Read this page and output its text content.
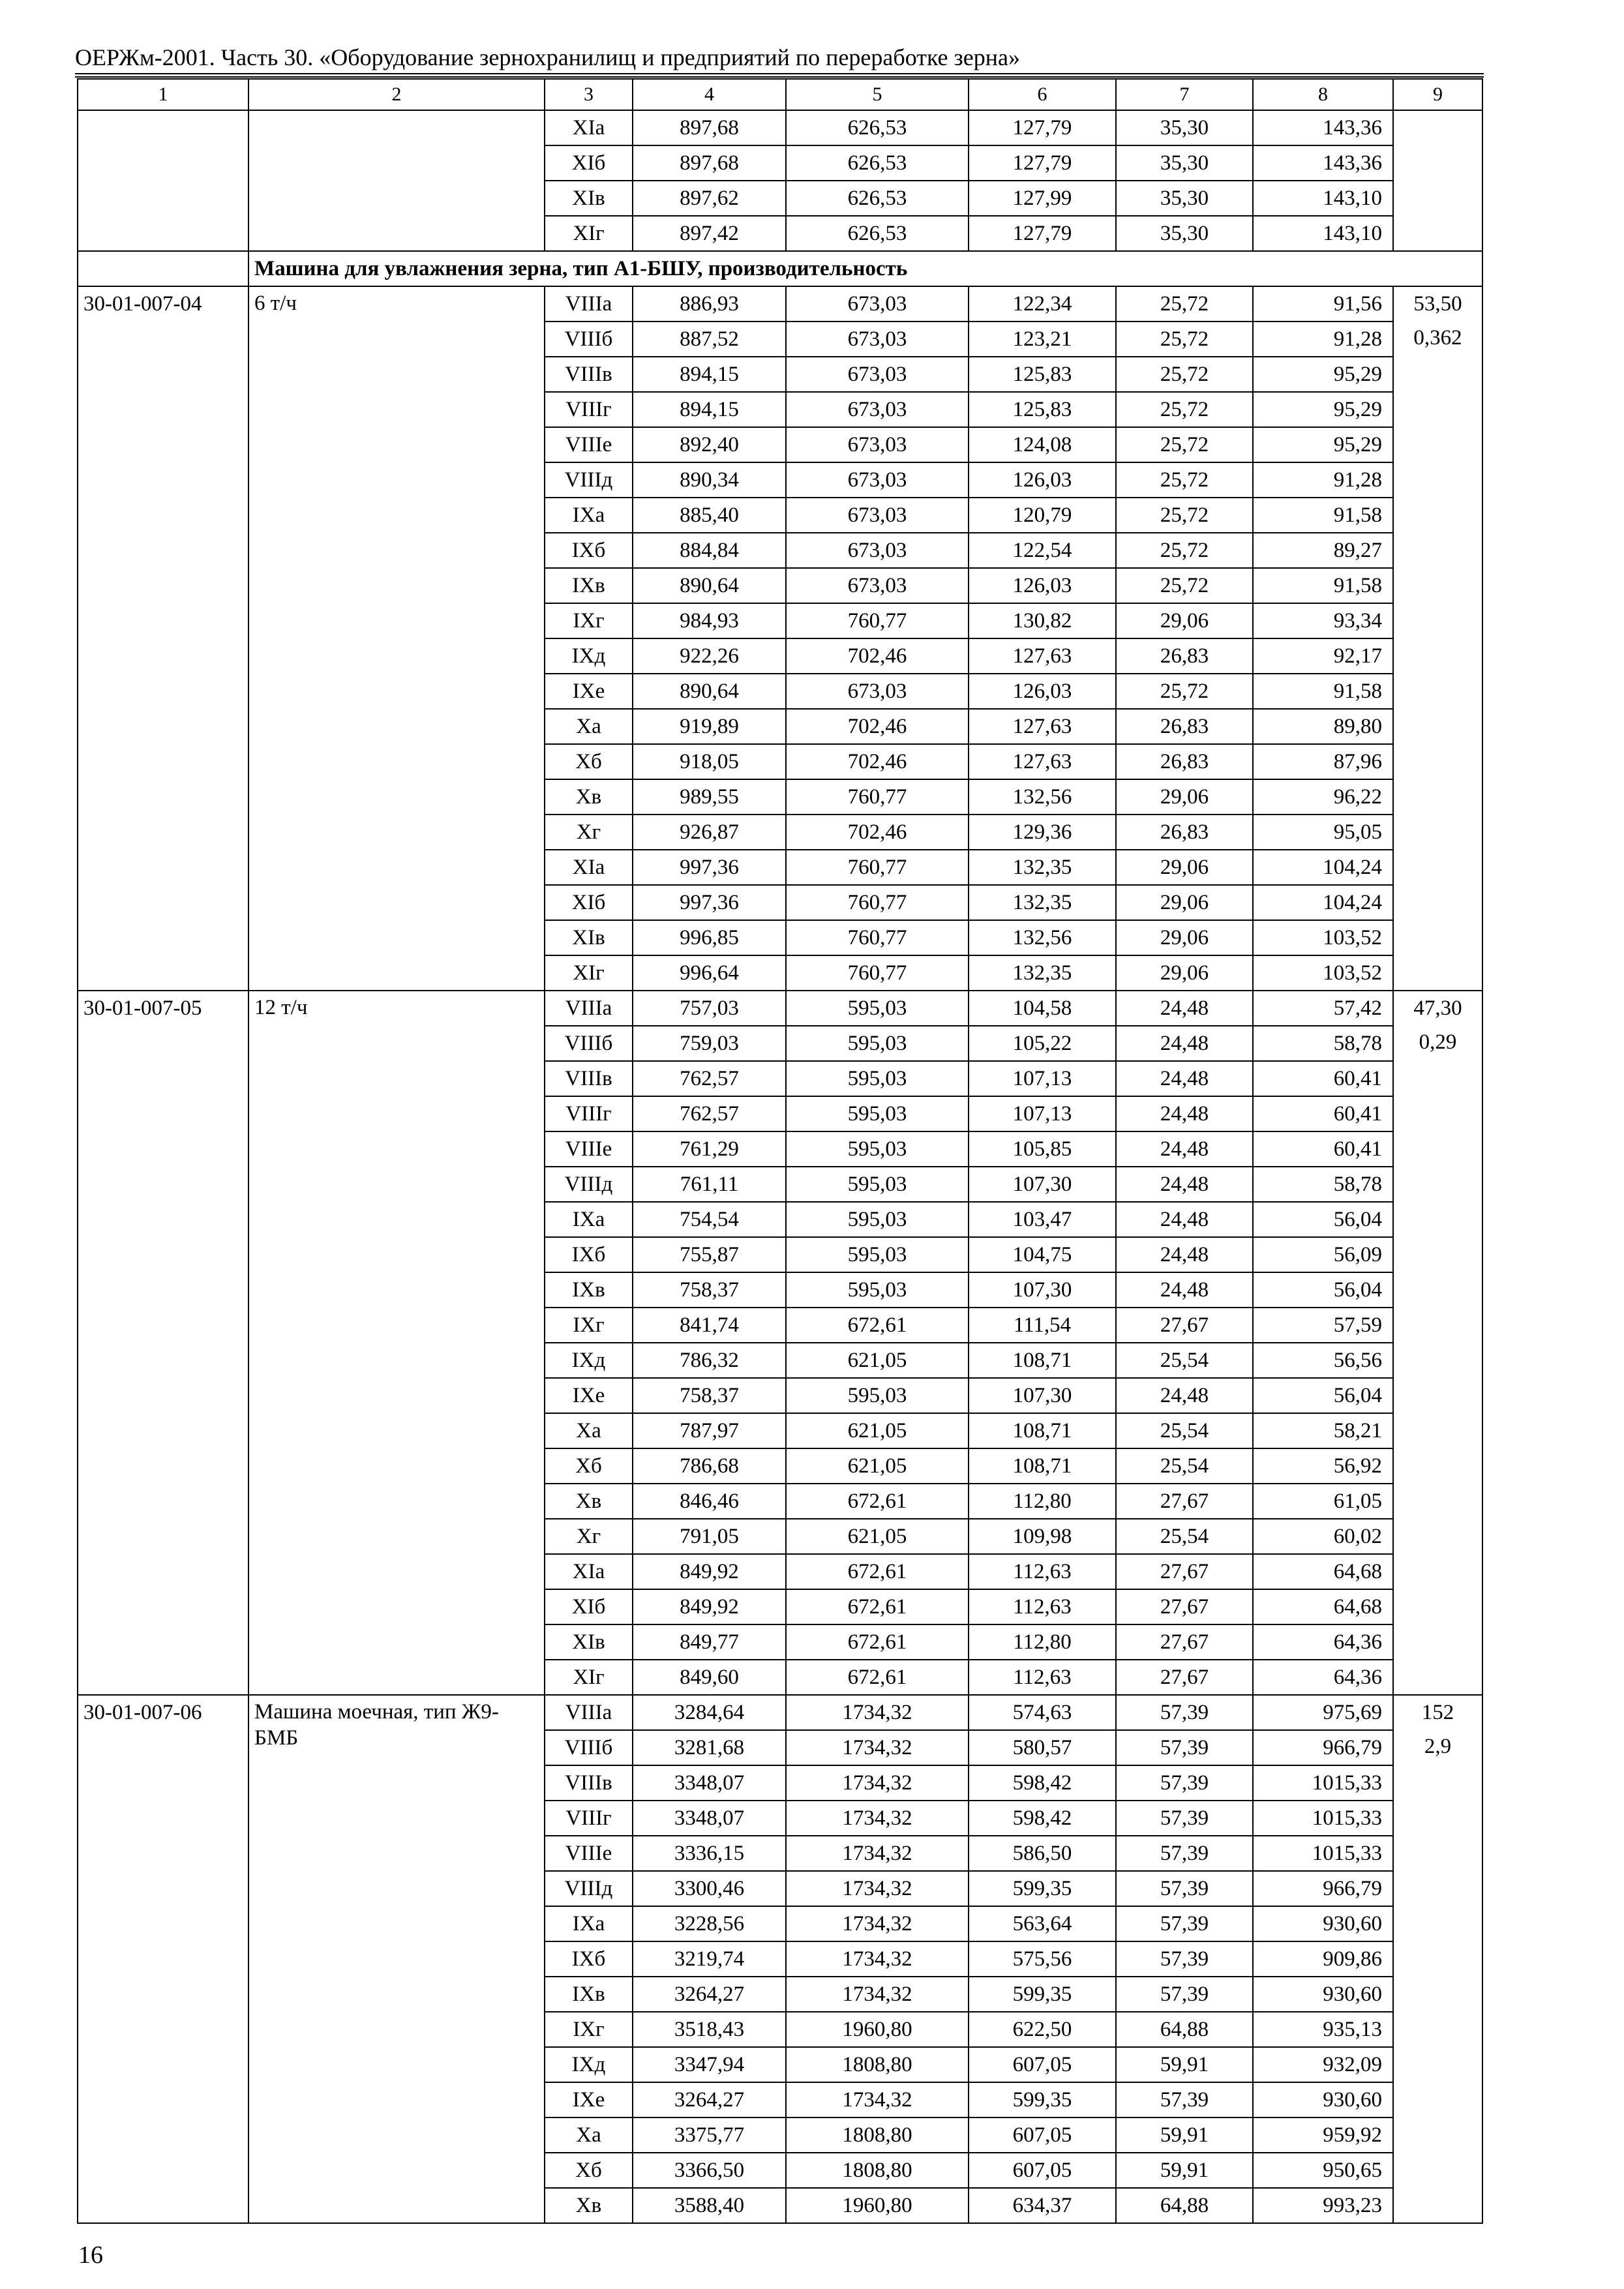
ОЕРЖм-2001. Часть 30. «Оборудование зернохранилищ и предприятий по переработке зерна»
1	2	3	4	5	6	7	8	9
		XIа	897,68	626,53	127,79	35,30	143,36	
		XIб	897,68	626,53	127,79	35,30	143,36	
		XIв	897,62	626,53	127,99	35,30	143,10	
		XIг	897,42	626,53	127,79	35,30	143,10	
	Машина для увлажнения зерна, тип А1-БШУ, производительность							
30-01-007-04	6 т/ч	VIIIа	886,93	673,03	122,34	25,72	91,56	53,50
0,362

		VIIIб	887,52	673,03	123,21	25,72	91,28	
		VIIIв	894,15	673,03	125,83	25,72	95,29	
		VIIIг	894,15	673,03	125,83	25,72	95,29	
		VIIIе	892,40	673,03	124,08	25,72	95,29	
		VIIIд	890,34	673,03	126,03	25,72	91,28	
		IXа	885,40	673,03	120,79	25,72	91,58	
		IXб	884,84	673,03	122,54	25,72	89,27	
		IXв	890,64	673,03	126,03	25,72	91,58	
		IXг	984,93	760,77	130,82	29,06	93,34	
		IXд	922,26	702,46	127,63	26,83	92,17	
		IXе	890,64	673,03	126,03	25,72	91,58	
		Xа	919,89	702,46	127,63	26,83	89,80	
		Xб	918,05	702,46	127,63	26,83	87,96	
		Xв	989,55	760,77	132,56	29,06	96,22	
		Xг	926,87	702,46	129,36	26,83	95,05	
		XIа	997,36	760,77	132,35	29,06	104,24	
		XIб	997,36	760,77	132,35	29,06	104,24	
		XIв	996,85	760,77	132,56	29,06	103,52	
		XIг	996,64	760,77	132,35	29,06	103,52	
30-01-007-05	12 т/ч	VIIIа	757,03	595,03	104,58	24,48	57,42	47,30
0,29

		VIIIб	759,03	595,03	105,22	24,48	58,78	
		VIIIв	762,57	595,03	107,13	24,48	60,41	
		VIIIг	762,57	595,03	107,13	24,48	60,41	
		VIIIе	761,29	595,03	105,85	24,48	60,41	
		VIIIд	761,11	595,03	107,30	24,48	58,78	
		IXа	754,54	595,03	103,47	24,48	56,04	
		IXб	755,87	595,03	104,75	24,48	56,09	
		IXв	758,37	595,03	107,30	24,48	56,04	
		IXг	841,74	672,61	111,54	27,67	57,59	
		IXд	786,32	621,05	108,71	25,54	56,56	
		IXе	758,37	595,03	107,30	24,48	56,04	
		Xа	787,97	621,05	108,71	25,54	58,21	
		Xб	786,68	621,05	108,71	25,54	56,92	
		Xв	846,46	672,61	112,80	27,67	61,05	
		Xг	791,05	621,05	109,98	25,54	60,02	
		XIа	849,92	672,61	112,63	27,67	64,68	
		XIб	849,92	672,61	112,63	27,67	64,68	
		XIв	849,77	672,61	112,80	27,67	64,36	
		XIг	849,60	672,61	112,63	27,67	64,36	
30-01-007-06	Машина моечная, тип Ж9-БМБ	VIIIа	3284,64	1734,32	574,63	57,39	975,69	152
2,9

		VIIIб	3281,68	1734,32	580,57	57,39	966,79	
		VIIIв	3348,07	1734,32	598,42	57,39	1015,33	
		VIIIг	3348,07	1734,32	598,42	57,39	1015,33	
		VIIIе	3336,15	1734,32	586,50	57,39	1015,33	
		VIIIд	3300,46	1734,32	599,35	57,39	966,79	
		IXа	3228,56	1734,32	563,64	57,39	930,60	
		IXб	3219,74	1734,32	575,56	57,39	909,86	
		IXв	3264,27	1734,32	599,35	57,39	930,60	
		IXг	3518,43	1960,80	622,50	64,88	935,13	
		IXд	3347,94	1808,80	607,05	59,91	932,09	
		IXе	3264,27	1734,32	599,35	57,39	930,60	
		Xа	3375,77	1808,80	607,05	59,91	959,92	
		Xб	3366,50	1808,80	607,05	59,91	950,65	
		Xв	3588,40	1960,80	634,37	64,88	993,23	
16
